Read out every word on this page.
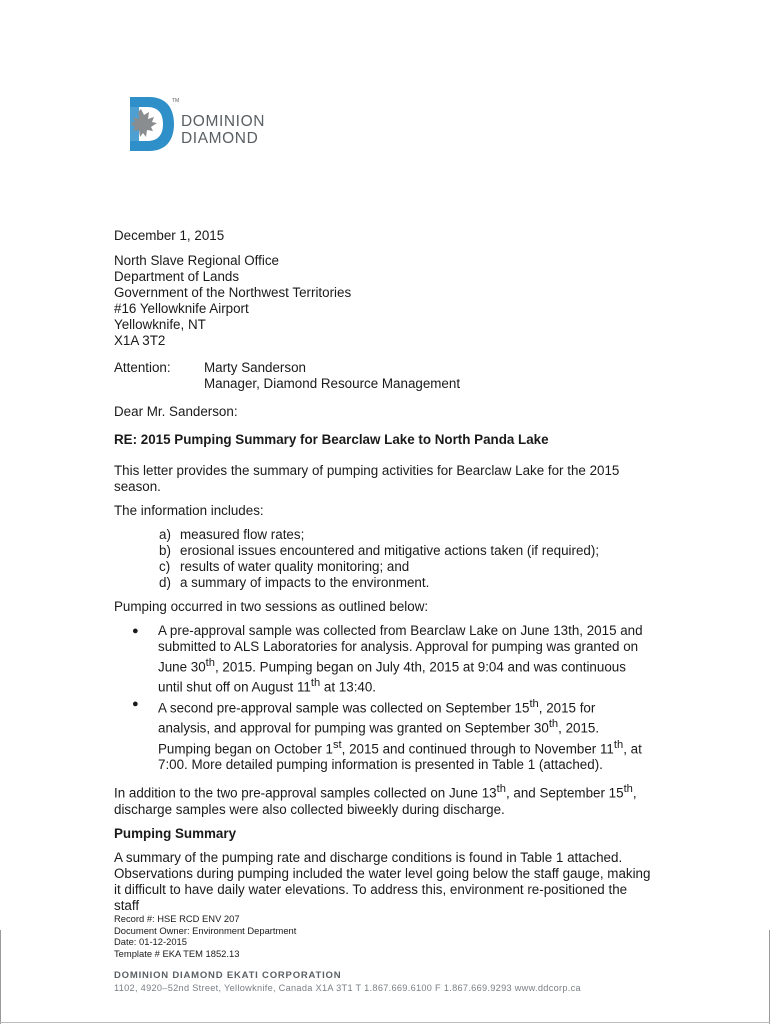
TM
DOMINION
DIAMOND

December 1, 2015

North Slave Regional Office
Department of Lands
Government of the Northwest Territories
#16 Yellowknife Airport
Yellowknife, NT
X1A 3T2
Attention:	Marty Sanderson
Manager, Diamond Resource Management

Dear Mr. Sanderson:

RE: 2015 Pumping Summary for Bearclaw Lake to North Panda Lake

This letter provides the summary of pumping activities for Bearclaw Lake for the 2015 season.

The information includes:

a) measured flow rates;
b) erosional issues encountered and mitigative actions taken (if required);
c) results of water quality monitoring; and
d) a summary of impacts to the environment.

Pumping occurred in two sessions as outlined below:

●	A pre-approval sample was collected from Bearclaw Lake on June 13th, 2015 and submitted to ALS Laboratories for analysis. Approval for pumping was granted on June 30th, 2015. Pumping began on July 4th, 2015 at 9:04 and was continuous until shut off on August 11th at 13:40.
●	A second pre-approval sample was collected on September 15th, 2015 for analysis, and approval for pumping was granted on September 30th, 2015. Pumping began on October 1st, 2015 and continued through to November 11th, at 7:00. More detailed pumping information is presented in Table 1 (attached).

In addition to the two pre-approval samples collected on June 13th, and September 15th, discharge samples were also collected biweekly during discharge.

Pumping Summary

A summary of the pumping rate and discharge conditions is found in Table 1 attached. Observations during pumping included the water level going below the staff gauge, making it difficult to have daily water elevations. To address this, environment re-positioned the staff

Record #: HSE RCD ENV 207
Document Owner: Environment Department
Date: 01-12-2015
Template # EKA TEM 1852.13
DOMINION DIAMOND EKATI CORPORATION
1102, 4920–52nd Street, Yellowknife, Canada X1A 3T1 T 1.867.669.6100 F 1.867.669.9293 www.ddcorp.ca
